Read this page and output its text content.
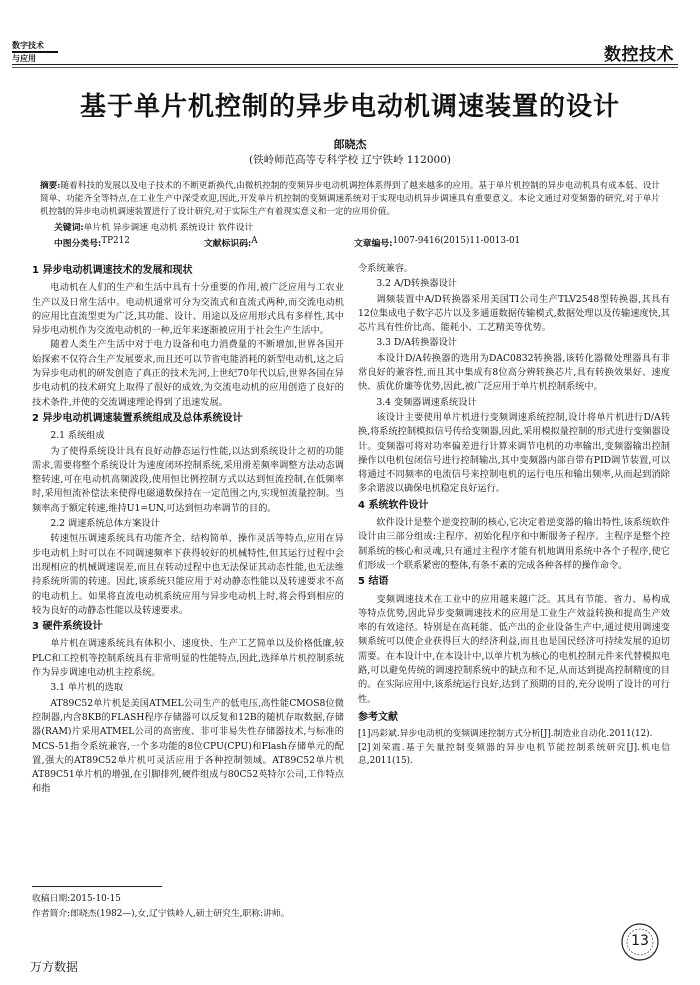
数字技术
与应用	数控技术
基于单片机控制的异步电动机调速装置的设计
郎晓杰
(铁岭师范高等专科学校 辽宁铁岭 112000)
摘要:随着科技的发展以及电子技术的不断更新换代,由微机控制的变频异步电动机调控体系得到了越来越多的应用。基于单片机控制的异步电动机具有成本低、设计简单、功能齐全等特点,在工业生产中深受欢迎,因此,开发单片机控制的变频调速系统对于实现电动机异步调速具有重要意义。本论文通过对变频器的研究,对于单片机控制的异步电动机调速装置进行了设计研究,对于实际生产有着现实意义和一定的应用价值。
关键词:单片机 异步调速 电动机 系统设计 软件设计
中图分类号: TP212	文献标识码: A	文章编号: 1007-9416(2015)11-0013-01
1 异步电动机调速技术的发展和现状

电动机在人们的生产和生活中具有十分重要的作用,被广泛应用与工农业生产以及日常生活中。电动机通常可分为交流式和直流式两种,而交流电动机的应用比直流型更为广泛,其功能、设计、用途以及应用形式具有多样性,其中异步电动机作为交流电动机的一种,近年来逐渐被应用于社会生产生活中。

随着人类生产生活中对于电力设备和电力消费量的不断增加,世界各国开始探索不仅符合生产发展要求,而且还可以节省电能消耗的新型电动机,这之后为异步电动机的研发创造了真正的技术先河,上世纪70年代以后,世界各国在异步电动机的技术研究上取得了很好的成效,为交流电动机的应用创造了良好的技术条件,并使的交流调速理论得到了迅速发展。

2 异步电动机调速装置系统组成及总体系统设计
2.1 系统组成

为了使得系统设计具有良好动静态运行性能,以达到系统设计之初的功能需求,需要将整个系统设计为速度闭环控制系统,采用滑差频率调整方法动态调整转速,可在电动机高频波段,使用恒比例控制方式以达到恒流控制,在低频率时,采用恒流补偿法来使得电磁通数保持在一定范围之内,实现恒流量控制。当频率高于额定转速,维持U1=UN,可达到恒功率调节的目的。

2.2 调速系统总体方案设计

转速恒压调速系统具有功能齐全、结构简单、操作灵活等特点,应用在异步电动机上时可以在不同调速频率下获得较好的机械特性,但其运行过程中会出现相应的机械调速误差,而且在转动过程中也无法保证其动态性能,也无法维持系统所需的转速。因此,该系统只能应用于对动静态性能以及转速要求不高的电动机上。如果将直流电动机系统应用与异步电动机上时,将会得到相应的较为良好的动静态性能以及转速要求。

3 硬件系统设计

单片机在调速系统具有体积小、速度快、生产工艺简单以及价格低廉,较PLC和工控机等控制系统具有非常明显的性能特点,因此,选择单片机控制系统作为异步调速电动机主控系统。

3.1 单片机的选取

AT89C52单片机是美国ATMEL公司生产的低电压,高性能CMOS8位微控制器,内含8KB的FLASH程序存储器可以反复和12B的随机存取数据,存储器(RAM)片采用ATMEL公司的高密度、非可非易失性存储器技术,与标准的MCS-51指令系统兼容,一个多功能的8位CPU(CPU)和Flash存储单元的配置,强大的AT89C52单片机可灵活应用于各种控制领域。AT89C52单片机AT89C51单片机的增强,在引脚排列,硬件组成与80C52英特尔公司,工作特点和指

令系统兼容。

3.2 A/D转换器设计

调频装置中A/D转换器采用美国TI公司生产TLV2548型转换器,其具有12位集成电子数字芯片以及多通道数据传输模式,数据处理以及传输速度快,其芯片具有性价比高、能耗小、工艺精美等优势。

3.3 D/A转换器设计

本设计D/A转换器的选用为DAC0832转换器,该转化器微处理器具有非常良好的兼容性,而且其中集成有8位高分辨转换芯片,具有转换效果好、速度快、质优价廉等优势,因此,被广泛应用于单片机控制系统中。

3.4 变频器调速系统设计

该设计主要使用单片机进行变频调速系统控制,设计将单片机进行D/A转换,将系统控制模拟信号传给变频器,因此,采用模拟量控制的形式进行变频器设计。变频器可将对功率偏差进行计算来调节电机的功率输出,变频器输出控制操作以电机包闭信号进行控制输出,其中变频器内部自带有PID调节装置,可以将通过不同频率的电流信号来控制电机的运行电压和输出频率,从而起到消除多余谐波以确保电机稳定良好运行。

4 系统软件设计

软件设计是整个逆变控制的核心,它决定着逆变器的输出特性,该系统软件设计由三部分组成:主程序、初始化程序和中断服务子程序。主程序是整个控制系统的核心和灵魂,只有通过主程序才能有机地调用系统中各个子程序,使它们形成一个联系紧密的整体,有条不紊的完成各种各样的操作命令。

5 结语

变频调速技术在工业中的应用越来越广泛。其具有节能、省力、易构成等特点优势,因此异步变频调速技术的应用是工业生产效益转换和提高生产效率的有效途径。特别是在高耗能、低产出的企业设备生产中,通过使用调速变频系统可以使企业获得巨大的经济利益,而且也是国民经济可持续发展的迫切需要。在本设计中,在本设计中,以单片机为核心的电机控制元件来代替模拟电路,可以避免传统的调速控制系统中的缺点和不足,从而达到提高控制精度的目的。在实际应用中,该系统运行良好,达到了预期的目的,充分说明了设计的可行性。

参考文献

[1]冯彩斌.异步电动机的变频调速控制方式分析[J].制造业自动化.2011(12).

[2]刘荣霞.基于矢量控制变频器的异步电机节能控制系统研究[J].机电信息,2011(15).

收稿日期:2015-10-15
作者简介:郎晓杰(1982—),女,辽宁铁岭人,硕士研究生,职称:讲师。
13
万方数据
